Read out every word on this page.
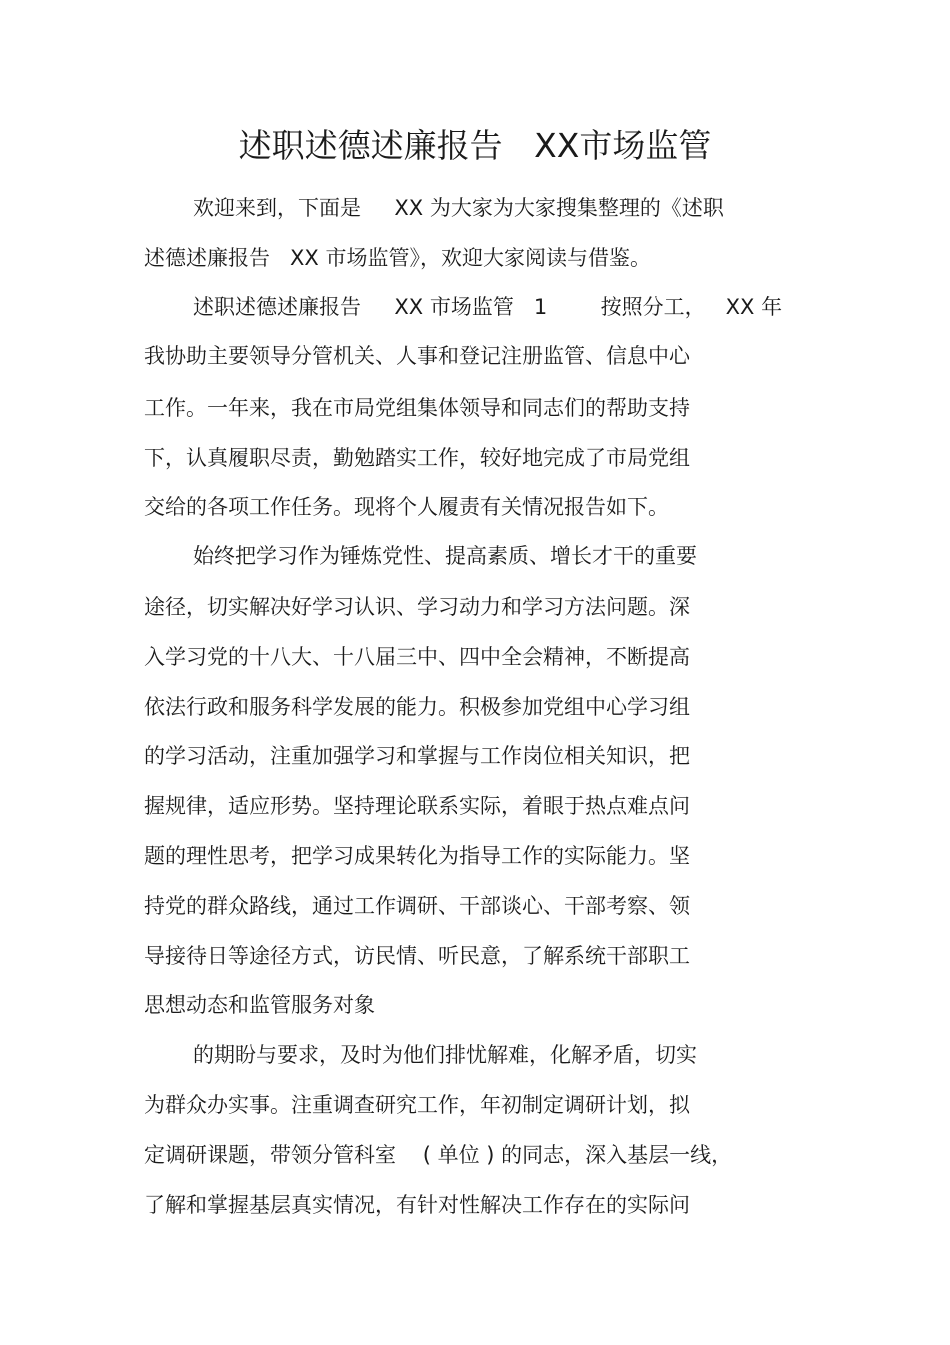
述职述德述廉报告   XX市场监管

欢迎来到，下面是     XX 为大家为大家搜集整理的《述职

述德述廉报告   XX 市场监管》，欢迎大家阅读与借鉴。

述职述德述廉报告     XX 市场监管   1        按照分工，   XX 年

我协助主要领导分管机关、人事和登记注册监管、信息中心

工作。一年来，我在市局党组集体领导和同志们的帮助支持

下，认真履职尽责，勤勉踏实工作，较好地完成了市局党组

交给的各项工作任务。现将个人履责有关情况报告如下。

始终把学习作为锤炼党性、提高素质、增长才干的重要

途径，切实解决好学习认识、学习动力和学习方法问题。深

入学习党的十八大、十八届三中、四中全会精神，不断提高

依法行政和服务科学发展的能力。积极参加党组中心学习组

的学习活动，注重加强学习和掌握与工作岗位相关知识，把

握规律，适应形势。坚持理论联系实际，着眼于热点难点问

题的理性思考，把学习成果转化为指导工作的实际能力。坚

持党的群众路线，通过工作调研、干部谈心、干部考察、领

导接待日等途径方式，访民情、听民意，了解系统干部职工

思想动态和监管服务对象

的期盼与要求，及时为他们排忧解难，化解矛盾，切实

为群众办实事。注重调查研究工作，年初制定调研计划，拟

定调研课题，带领分管科室    ( 单位 ) 的同志，深入基层一线，

了解和掌握基层真实情况，有针对性解决工作存在的实际问
